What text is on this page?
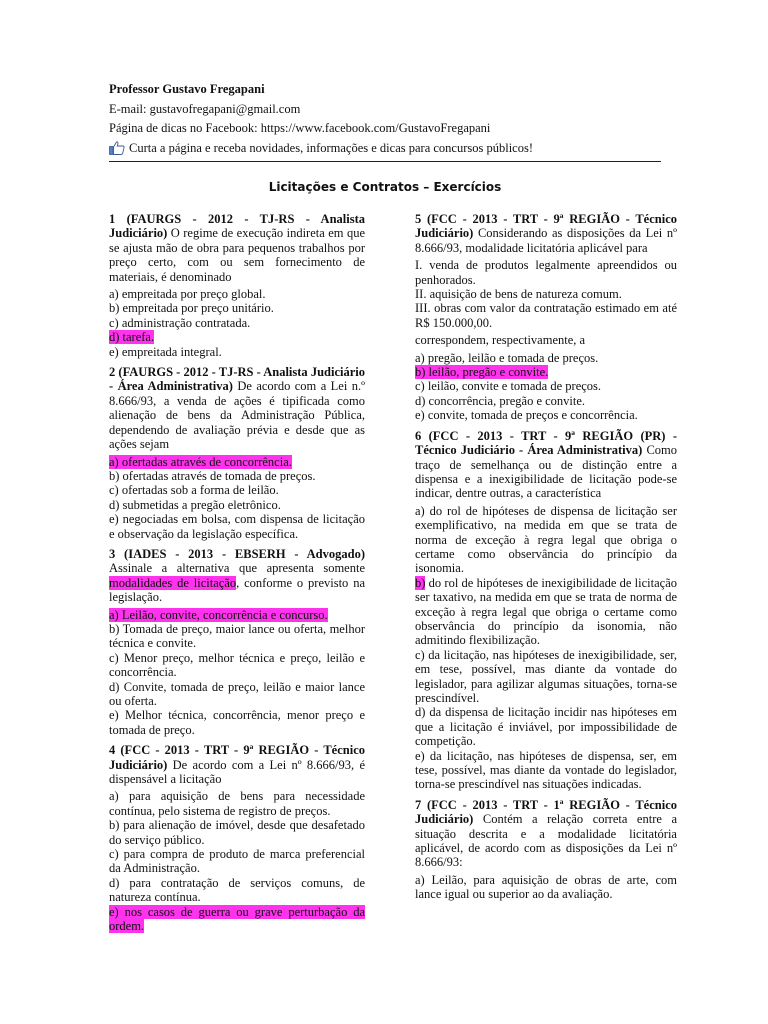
Professor Gustavo Fregapani
E-mail: gustavofregapani@gmail.com
Página de dicas no Facebook: https://www.facebook.com/GustavoFregapani
Curta a página e receba novidades, informações e dicas para concursos públicos!
Licitações e Contratos – Exercícios

1 (FAURGS - 2012 - TJ-RS - Analista Judiciário) O regime de execução indireta em que se ajusta mão de obra para pequenos trabalhos por preço certo, com ou sem fornecimento de materiais, é denominado

a) empreitada por preço global.

b) empreitada por preço unitário.

c) administração contratada.

d) tarefa.

e) empreitada integral.

2 (FAURGS - 2012 - TJ-RS - Analista Judiciário - Área Administrativa) De acordo com a Lei n.º 8.666/93, a venda de ações é tipificada como alienação de bens da Administração Pública, dependendo de avaliação prévia e desde que as ações sejam

a) ofertadas através de concorrência.

b) ofertadas através de tomada de preços.

c) ofertadas sob a forma de leilão.

d) submetidas a pregão eletrônico.

e) negociadas em bolsa, com dispensa de licitação e observação da legislação específica.

3 (IADES - 2013 - EBSERH - Advogado) Assinale a alternativa que apresenta somente modalidades de licitação, conforme o previsto na legislação.

a) Leilão, convite, concorrência e concurso.

b) Tomada de preço, maior lance ou oferta, melhor técnica e convite.

c) Menor preço, melhor técnica e preço, leilão e concorrência.

d) Convite, tomada de preço, leilão e maior lance ou oferta.

e) Melhor técnica, concorrência, menor preço e tomada de preço.

4 (FCC - 2013 - TRT - 9ª REGIÃO - Técnico Judiciário) De acordo com a Lei nº 8.666/93, é dispensável a licitação

a) para aquisição de bens para necessidade contínua, pelo sistema de registro de preços.

b) para alienação de imóvel, desde que desafetado do serviço público.

c) para compra de produto de marca preferencial da Administração.

d) para contratação de serviços comuns, de natureza contínua.

e) nos casos de guerra ou grave perturbação da ordem.

5 (FCC - 2013 - TRT - 9ª REGIÃO - Técnico Judiciário) Considerando as disposições da Lei nº 8.666/93, modalidade licitatória aplicável para

I. venda de produtos legalmente apreendidos ou penhorados.

II. aquisição de bens de natureza comum.

III. obras com valor da contratação estimado em até R$ 150.000,00.

correspondem, respectivamente, a

a) pregão, leilão e tomada de preços.

b) leilão, pregão e convite.

c) leilão, convite e tomada de preços.

d) concorrência, pregão e convite.

e) convite, tomada de preços e concorrência.

6 (FCC - 2013 - TRT - 9ª REGIÃO (PR) - Técnico Judiciário - Área Administrativa) Como traço de semelhança ou de distinção entre a dispensa e a inexigibilidade de licitação pode-se indicar, dentre outras, a característica

a) do rol de hipóteses de dispensa de licitação ser exemplificativo, na medida em que se trata de norma de exceção à regra legal que obriga o certame como observância do princípio da isonomia.

b) do rol de hipóteses de inexigibilidade de licitação ser taxativo, na medida em que se trata de norma de exceção à regra legal que obriga o certame como observância do princípio da isonomia, não admitindo flexibilização.

c) da licitação, nas hipóteses de inexigibilidade, ser, em tese, possível, mas diante da vontade do legislador, para agilizar algumas situações, torna-se prescindível.

d) da dispensa de licitação incidir nas hipóteses em que a licitação é inviável, por impossibilidade de competição.

e) da licitação, nas hipóteses de dispensa, ser, em tese, possível, mas diante da vontade do legislador, torna-se prescindível nas situações indicadas.

7 (FCC - 2013 - TRT - 1ª REGIÃO - Técnico Judiciário) Contém a relação correta entre a situação descrita e a modalidade licitatória aplicável, de acordo com as disposições da Lei nº 8.666/93:

a) Leilão, para aquisição de obras de arte, com lance igual ou superior ao da avaliação.
